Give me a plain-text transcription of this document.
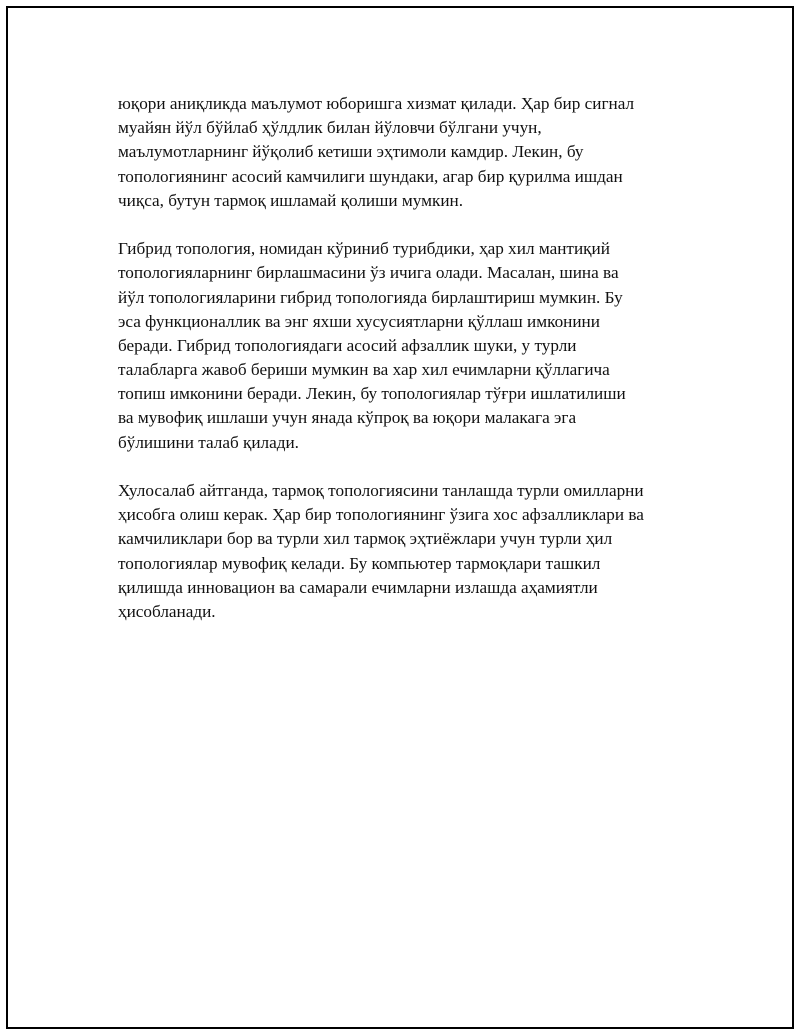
юқори аниқликда маълумот юборишга хизмат қилади. Ҳар бир сигнал
муайян йўл бўйлаб ҳўлдлик билан йўловчи бўлгани учун,
маълумотларнинг йўқолиб кетиши эҳтимоли камдир. Лекин, бу
топологиянинг асосий камчилиги шундаки, агар бир қурилма ишдан
чиқса, бутун тармоқ ишламай қолиши мумкин.

Гибрид топология, номидан кўриниб турибдики, ҳар хил мантиқий
топологияларнинг бирлашмасини ўз ичига олади. Масалан, шина ва
йўл топологияларини гибрид топологияда бирлаштириш мумкин. Бу
эса функционаллик ва энг яхши хусусиятларни қўллаш имконини
беради. Гибрид топологиядаги асосий афзаллик шуки, у турли
талабларга жавоб бериши мумкин ва хар хил ечимларни қўллагича
топиш имконини беради. Лекин, бу топологиялар тўғри ишлатилиши
ва мувофиқ ишлаши учун янада кўпроқ ва юқори малакага эга
бўлишини талаб қилади.

Хулосалаб айтганда, тармоқ топологиясини танлашда турли омилларни
ҳисобга олиш керак. Ҳар бир топологиянинг ўзига хос афзалликлари ва
камчиликлари бор ва турли хил тармоқ эҳтиёжлари учун турли ҳил
топологиялар мувофиқ келади. Бу компьютер тармоқлари ташкил
қилишда инновацион ва самарали ечимларни излашда аҳамиятли
ҳисобланади.
